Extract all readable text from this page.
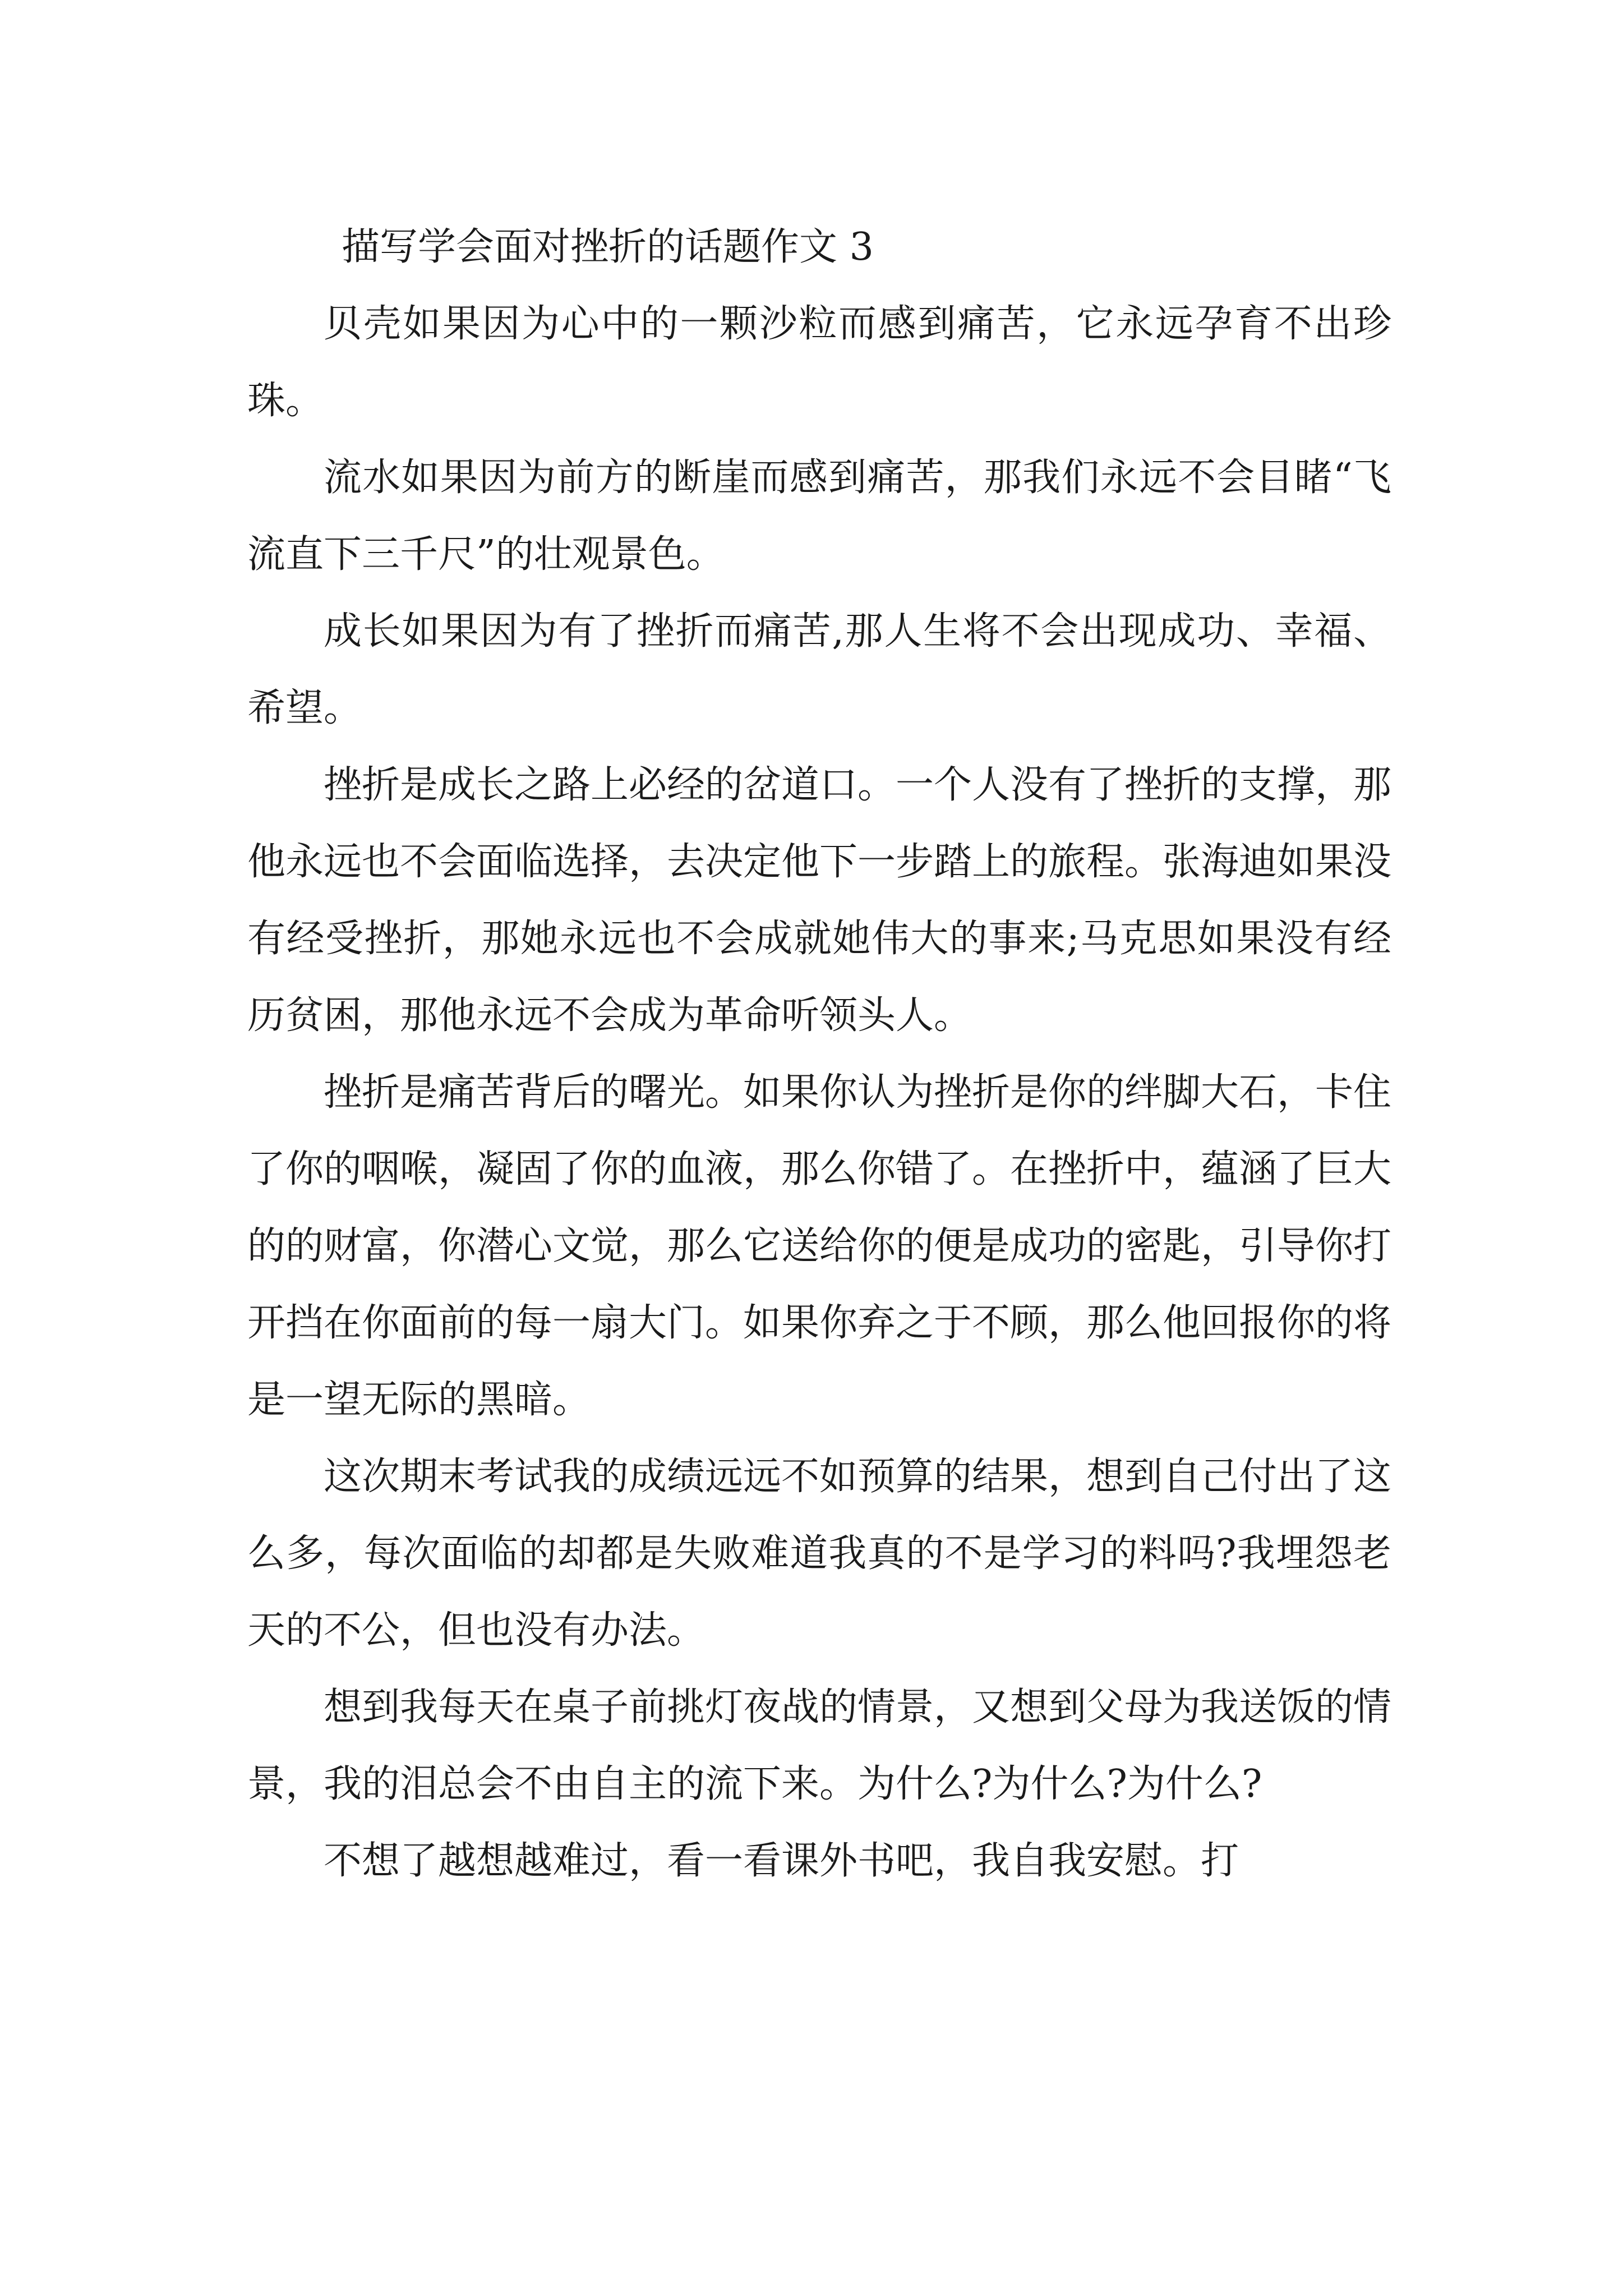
描写学会面对挫折的话题作文 3

贝壳如果因为心中的一颗沙粒而感到痛苦，它永远孕育不出珍珠。

流水如果因为前方的断崖而感到痛苦，那我们永远不会目睹“飞流直下三千尺”的壮观景色。

成长如果因为有了挫折而痛苦,那人生将不会出现成功、幸福、希望。

挫折是成长之路上必经的岔道口。一个人没有了挫折的支撑，那他永远也不会面临选择，去决定他下一步踏上的旅程。张海迪如果没有经受挫折，那她永远也不会成就她伟大的事来;马克思如果没有经历贫困，那他永远不会成为革命听领头人。

挫折是痛苦背后的曙光。如果你认为挫折是你的绊脚大石，卡住了你的咽喉，凝固了你的血液，那么你错了。在挫折中，蕴涵了巨大的的财富，你潜心文觉，那么它送给你的便是成功的密匙，引导你打开挡在你面前的每一扇大门。如果你弃之于不顾，那么他回报你的将是一望无际的黑暗。

这次期末考试我的成绩远远不如预算的结果，想到自己付出了这么多，每次面临的却都是失败难道我真的不是学习的料吗?我埋怨老天的不公，但也没有办法。

想到我每天在桌子前挑灯夜战的情景，又想到父母为我送饭的情景，我的泪总会不由自主的流下来。为什么?为什么?为什么?

不想了越想越难过，看一看课外书吧，我自我安慰。打
